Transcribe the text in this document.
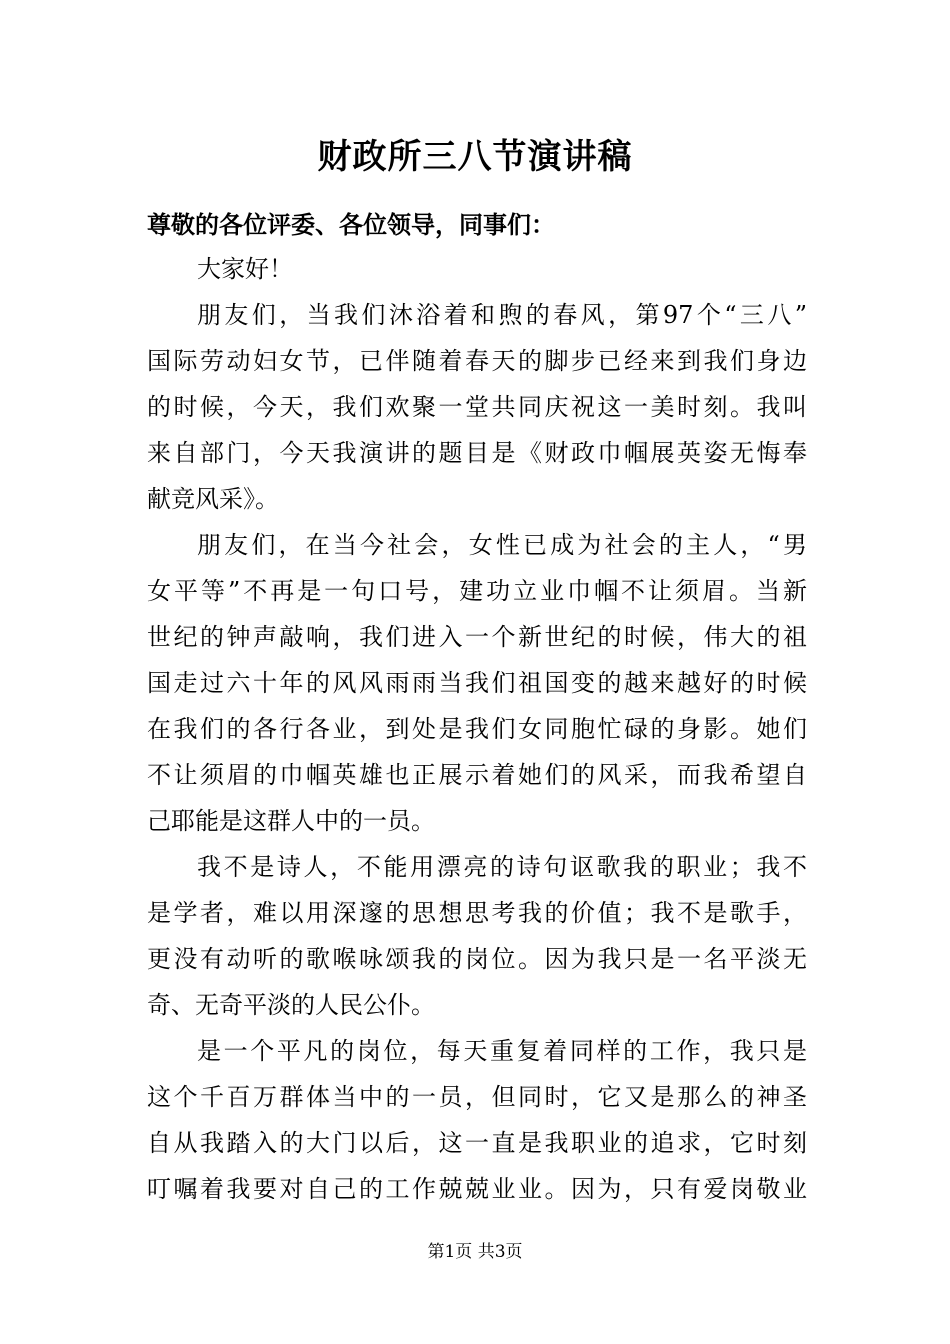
财政所三八节演讲稿

尊敬的各位评委、各位领导，同事们：

大家好！

朋友们，当我们沐浴着和煦的春风，第97个“三八”

国际劳动妇女节，已伴随着春天的脚步已经来到我们身边

的时候，今天，我们欢聚一堂共同庆祝这一美时刻。我叫

来自部门，今天我演讲的题目是《财政巾帼展英姿无悔奉

献竞风采》。

朋友们，在当今社会，女性已成为社会的主人，“男

女平等”不再是一句口号，建功立业巾帼不让须眉。当新

世纪的钟声敲响，我们进入一个新世纪的时候，伟大的祖

国走过六十年的风风雨雨当我们祖国变的越来越好的时候

在我们的各行各业，到处是我们女同胞忙碌的身影。她们

不让须眉的巾帼英雄也正展示着她们的风采，而我希望自

己耶能是这群人中的一员。

我不是诗人，不能用漂亮的诗句讴歌我的职业；我不

是学者，难以用深邃的思想思考我的价值；我不是歌手，

更没有动听的歌喉咏颂我的岗位。因为我只是一名平淡无

奇、无奇平淡的人民公仆。

是一个平凡的岗位，每天重复着同样的工作，我只是

这个千百万群体当中的一员，但同时，它又是那么的神圣

自从我踏入的大门以后，这一直是我职业的追求，它时刻

叮嘱着我要对自己的工作兢兢业业。因为，只有爱岗敬业

第1页 共3页
